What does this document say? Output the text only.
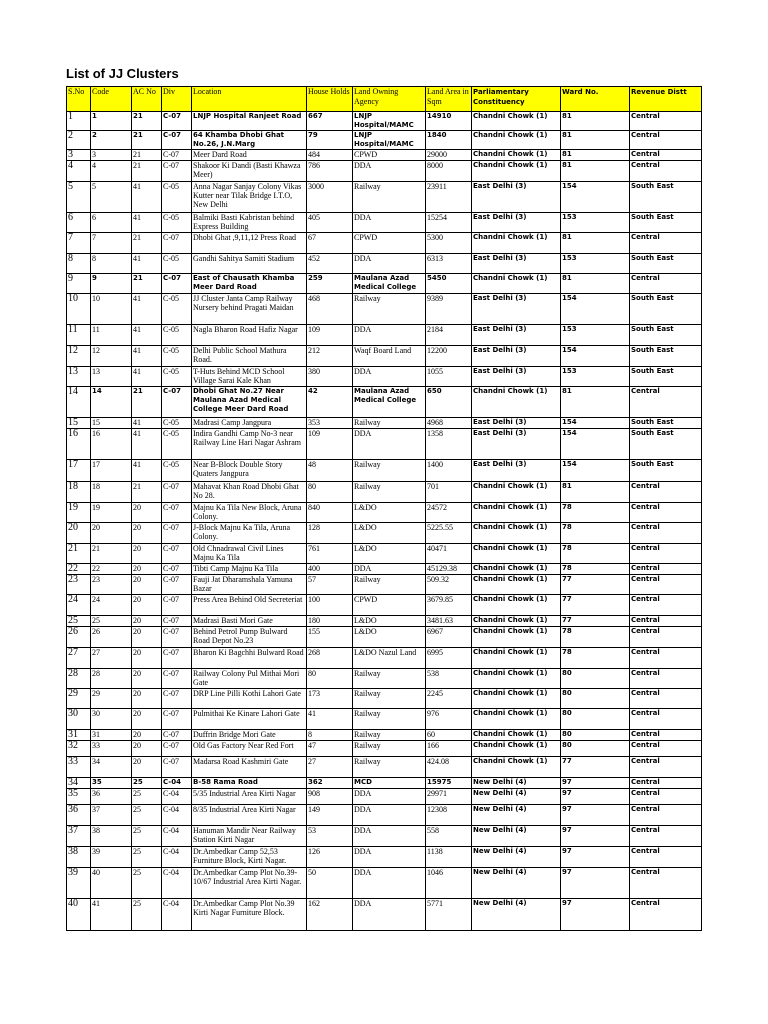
List of JJ Clusters
S.No	Code	AC No	Div	Location	House Holds	Land Owning Agency	Land Area in Sqm	Parliamentary Constituency	Ward No.	Revenue Distt
1	1	21	C-07	LNJP Hospital Ranjeet Road	667	LNJP Hospital/MAMC	14910	Chandni Chowk (1)	81	Central
2	2	21	C-07	64 Khamba Dhobi Ghat No.26, J.N.Marg	79	LNJP Hospital/MAMC	1840	Chandni Chowk (1)	81	Central
3	3	21	C-07	Meer Dard Road	484	CPWD	29000	Chandni Chowk (1)	81	Central
4	4	21	C-07	Shakoor Ki Dandi (Basti Khawza Meer)	786	DDA	8000	Chandni Chowk (1)	81	Central
5	5	41	C-05	Anna Nagar Sanjay Colony Vikas Kutter near Tilak Bridge I.T.O, New Delhi	3000	Railway	23911	East Delhi (3)	154	South East
6	6	41	C-05	Balmiki Basti Kabristan behind Express Building	405	DDA	15254	East Delhi (3)	153	South East
7	7	21	C-07	Dhobi Ghat ,9,11,12 Press Road	67	CPWD	5300	Chandni Chowk (1)	81	Central
8	8	41	C-05	Gandhi Sahitya Samiti Stadium	452	DDA	6313	East Delhi (3)	153	South East
9	9	21	C-07	East of Chausath Khamba Meer Dard Road	259	Maulana Azad Medical College	5450	Chandni Chowk (1)	81	Central
10	10	41	C-05	JJ Cluster Janta Camp Railway Nursery behind Pragati Maidan	468	Railway	9389	East Delhi (3)	154	South East
11	11	41	C-05	Nagla Bharon Road Hafiz Nagar	109	DDA	2184	East Delhi (3)	153	South East
12	12	41	C-05	Delhi Public School Mathura Road.	212	Waqf Board Land	12200	East Delhi (3)	154	South East
13	13	41	C-05	T-Huts Behind MCD School Village Sarai Kale Khan	380	DDA	1055	East Delhi (3)	153	South East
14	14	21	C-07	Dhobi Ghat No.27 Near Maulana Azad Medical College Meer Dard Road	42	Maulana Azad Medical College	650	Chandni Chowk (1)	81	Central
15	15	41	C-05	Madrasi Camp Jangpura	353	Railway	4968	East Delhi (3)	154	South East
16	16	41	C-05	Indira Gandhi Camp No-3 near Railway Line Hari Nagar Ashram	109	DDA	1358	East Delhi (3)	154	South East
17	17	41	C-05	Near B-Block Double Story Quaters Jangpura	48	Railway	1400	East Delhi (3)	154	South East
18	18	21	C-07	Mahavat Khan Road Dhobi Ghat No 28.	80	Railway	701	Chandni Chowk (1)	81	Central
19	19	20	C-07	Majnu Ka Tila New Block, Aruna Colony.	840	L&DO	24572	Chandni Chowk (1)	78	Central
20	20	20	C-07	J-Block Majnu Ka Tila, Aruna Colony.	128	L&DO	5225.55	Chandni Chowk (1)	78	Central
21	21	20	C-07	Old Chnadrawal Civil Lines Majnu Ka Tila	761	L&DO	40471	Chandni Chowk (1)	78	Central
22	22	20	C-07	Tibti Camp Majnu Ka Tila	400	DDA	45129.38	Chandni Chowk (1)	78	Central
23	23	20	C-07	Fauji Jat Dharamshala Yamuna Bazar	57	Railway	509.32	Chandni Chowk (1)	77	Central
24	24	20	C-07	Press Area Behind Old Secreteriat	100	CPWD	3679.85	Chandni Chowk (1)	77	Central
25	25	20	C-07	Madrasi Basti Mori Gate	180	L&DO	3481.63	Chandni Chowk (1)	77	Central
26	26	20	C-07	Behind Petrol Pump Bulward Road Depot No.23	155	L&DO	6967	Chandni Chowk (1)	78	Central
27	27	20	C-07	Bharon Ki Bagchhi Bulward Road	268	L&DO Nazul Land	6995	Chandni Chowk (1)	78	Central
28	28	20	C-07	Railway Colony Pul Mithai Mori Gate	80	Railway	538	Chandni Chowk (1)	80	Central
29	29	20	C-07	DRP Line Pilli Kothi Lahori Gate	173	Railway	2245	Chandni Chowk (1)	80	Central
30	30	20	C-07	Pulmithai Ke Kinare Lahori Gate	41	Railway	976	Chandni Chowk (1)	80	Central
31	31	20	C-07	Duffrin Bridge Mori Gate	8	Railway	60	Chandni Chowk (1)	80	Central
32	33	20	C-07	Old Gas Factory Near Red Fort	47	Railway	166	Chandni Chowk (1)	80	Central
33	34	20	C-07	Madarsa Road Kashmiri Gate	27	Railway	424.08	Chandni Chowk (1)	77	Central
34	35	25	C-04	B-58 Rama Road	362	MCD	15975	New Delhi (4)	97	Central
35	36	25	C-04	5/35 Industrial Area Kirti Nagar	908	DDA	29971	New Delhi (4)	97	Central
36	37	25	C-04	8/35 Industrial Area Kirti Nagar	149	DDA	12308	New Delhi (4)	97	Central
37	38	25	C-04	Hanuman Mandir Near Railway Station Kirti Nagar	53	DDA	558	New Delhi (4)	97	Central
38	39	25	C-04	Dr.Ambedkar Camp 52,53 Furniture Block, Kirti Nagar.	126	DDA	1138	New Delhi (4)	97	Central
39	40	25	C-04	Dr.Ambedkar Camp Plot No.39-10/67 Industrial Area Kirti Nagar.	50	DDA	1046	New Delhi (4)	97	Central
40	41	25	C-04	Dr.Ambedkar Camp Plot No.39 Kirti Nagar Furniture Block.	162	DDA	5771	New Delhi (4)	97	Central
